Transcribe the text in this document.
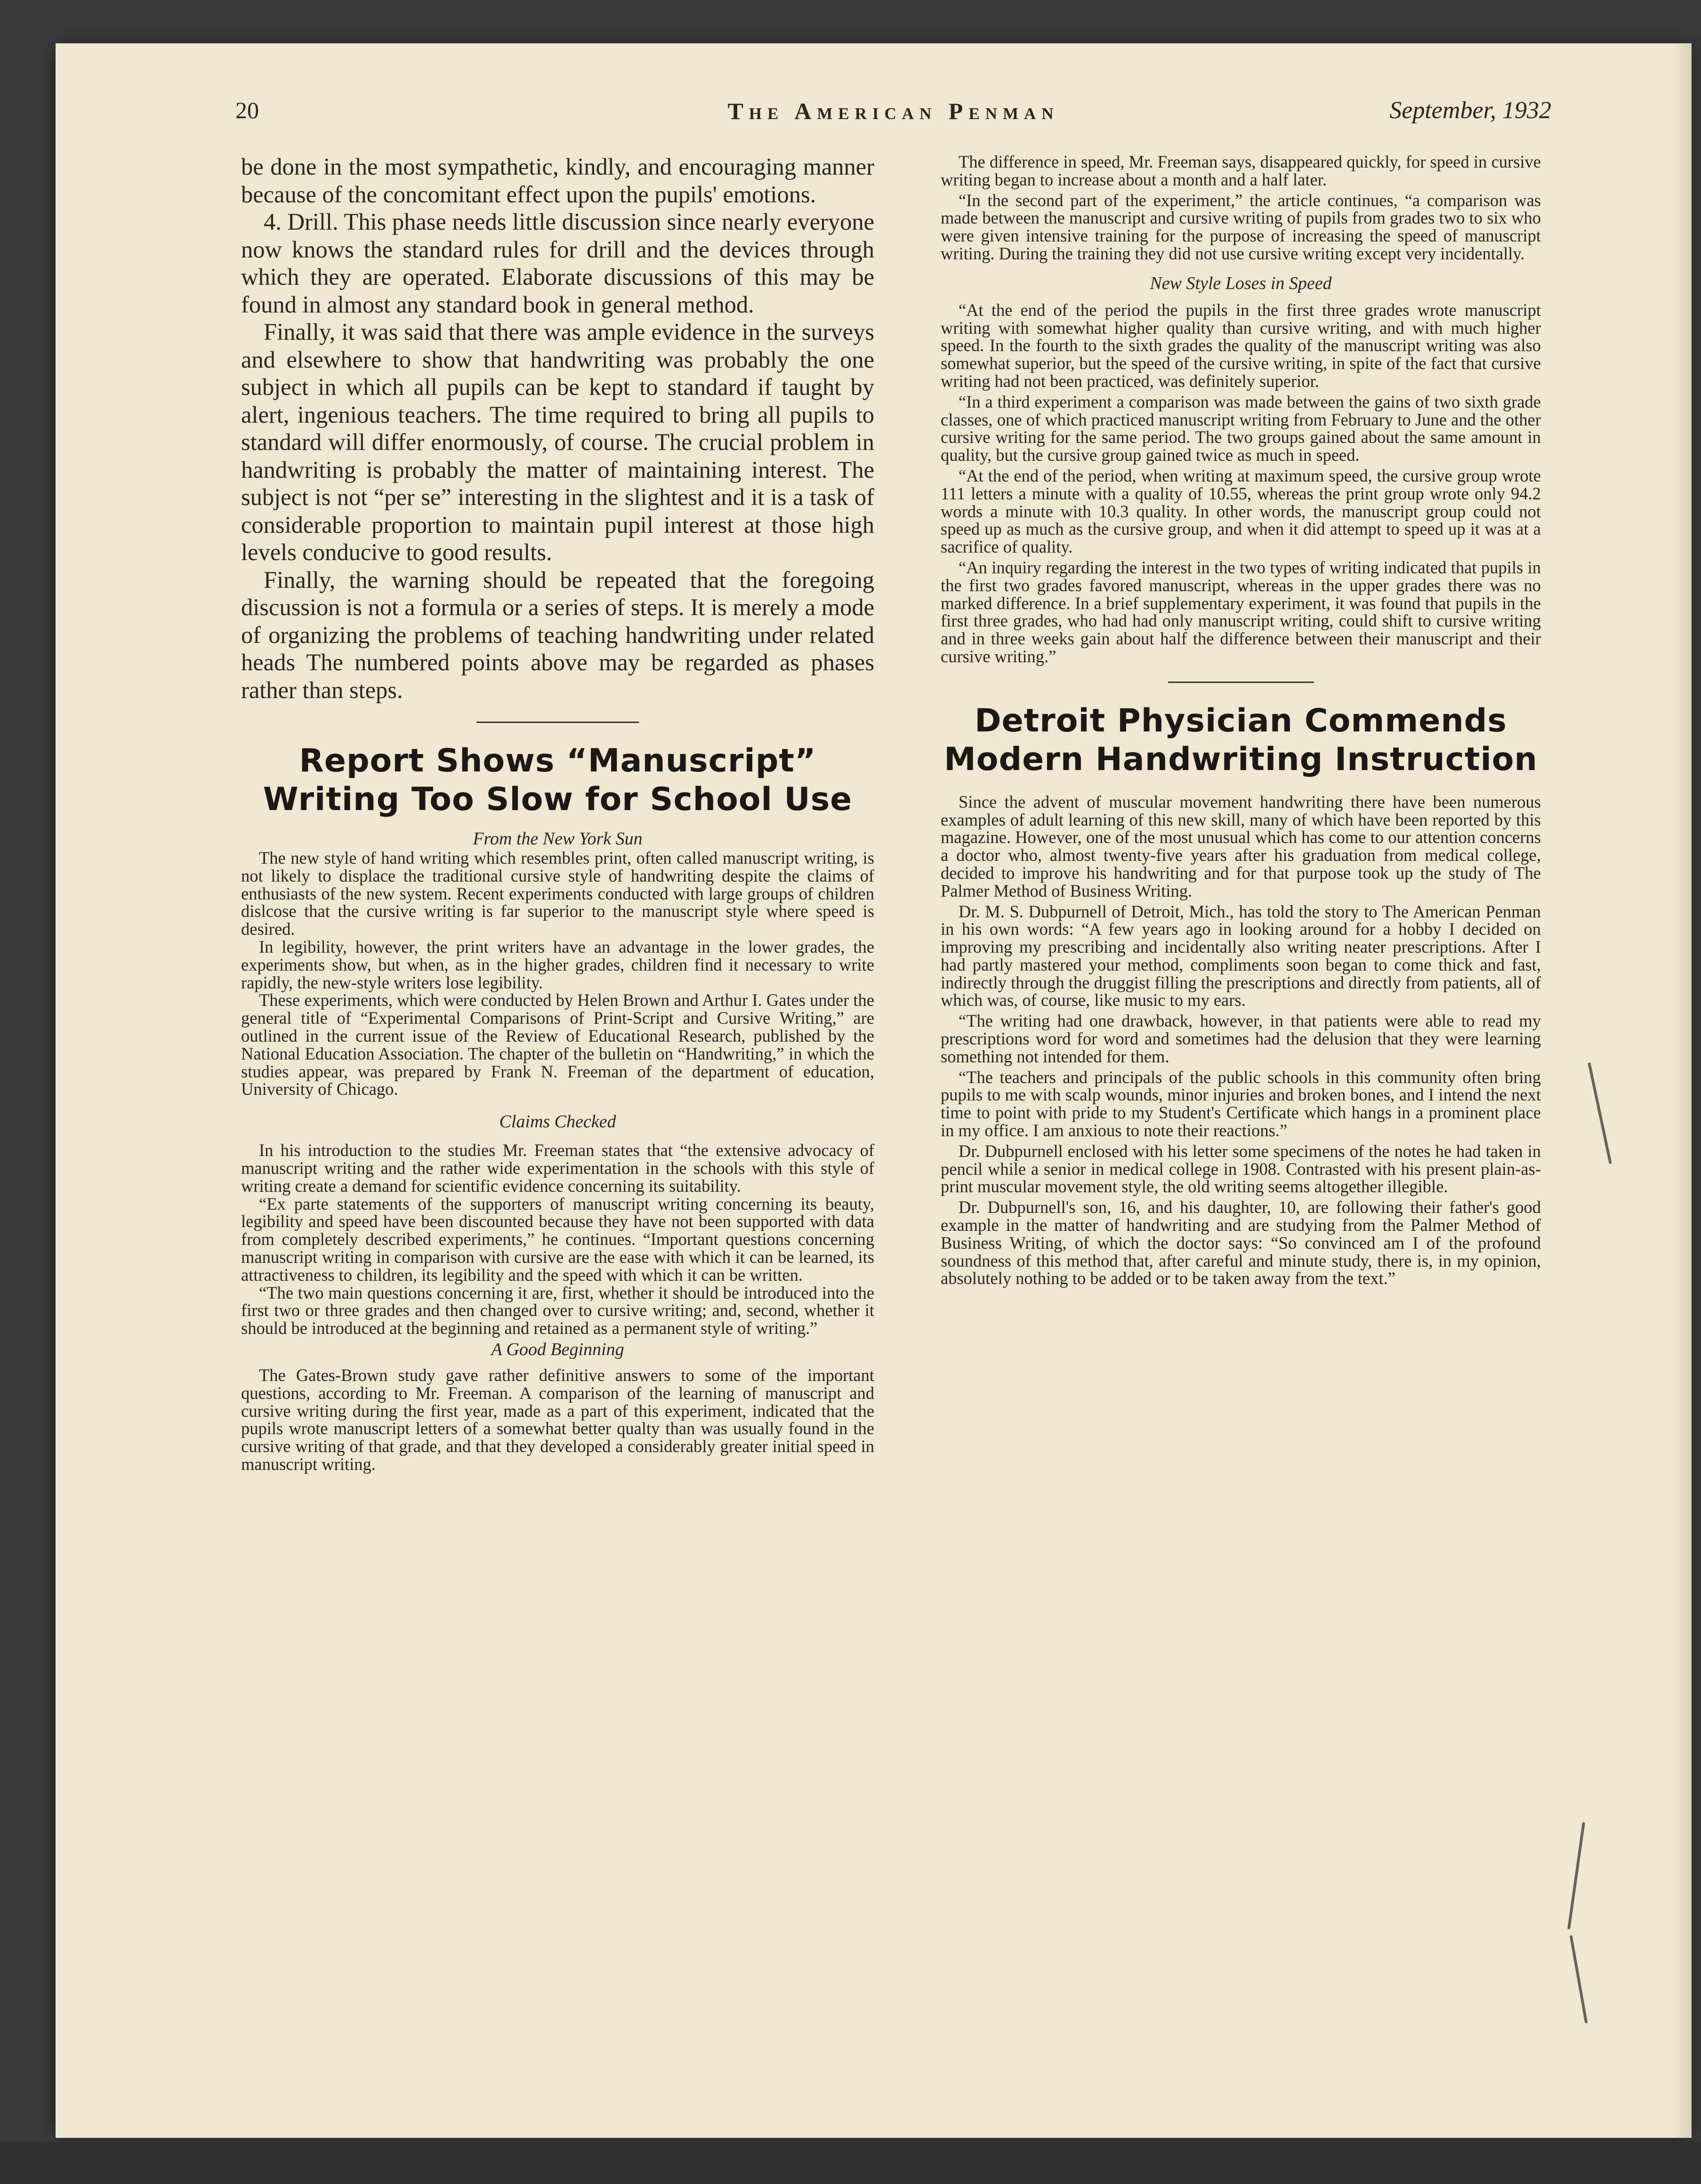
20	The American Penman	September, 1932

be done in the most sympathetic, kindly, and encouraging manner because of the concomitant effect upon the pupils' emotions.

4. Drill. This phase needs little discussion since nearly everyone now knows the standard rules for drill and the devices through which they are operated. Elaborate discussions of this may be found in almost any standard book in general method.

Finally, it was said that there was ample evidence in the surveys and elsewhere to show that handwriting was probably the one subject in which all pupils can be kept to standard if taught by alert, ingenious teachers. The time required to bring all pupils to standard will differ enormously, of course. The crucial problem in handwriting is probably the matter of maintaining interest. The subject is not “per se” interesting in the slightest and it is a task of considerable proportion to maintain pupil interest at those high levels conducive to good results.

Finally, the warning should be repeated that the foregoing discussion is not a formula or a series of steps. It is merely a mode of organizing the problems of teaching handwriting under related heads The numbered points above may be regarded as phases rather than steps.

Report Shows “Manuscript”
Writing Too Slow for School Use
From the New York Sun

The new style of hand writing which resembles print, often called manuscript writing, is not likely to displace the traditional cursive style of handwriting despite the claims of enthusiasts of the new system. Recent experiments conducted with large groups of children dislcose that the cursive writing is far superior to the manuscript style where speed is desired.

In legibility, however, the print writers have an advantage in the lower grades, the experiments show, but when, as in the higher grades, children find it necessary to write rapidly, the new-style writers lose legibility.

These experiments, which were conducted by Helen Brown and Arthur I. Gates under the general title of “Experimental Comparisons of Print-Script and Cursive Writing,” are outlined in the current issue of the Review of Educational Research, published by the National Education Association. The chapter of the bulletin on “Handwriting,” in which the studies appear, was prepared by Frank N. Freeman of the department of education, University of Chicago.

Claims Checked

In his introduction to the studies Mr. Freeman states that “the extensive advocacy of manuscript writing and the rather wide experimentation in the schools with this style of writing create a demand for scientific evidence concerning its suitability.

“Ex parte statements of the supporters of manuscript writing concerning its beauty, legibility and speed have been discounted because they have not been supported with data from completely described experiments,” he continues. “Important questions concerning manuscript writing in comparison with cursive are the ease with which it can be learned, its attractiveness to children, its legibility and the speed with which it can be written.

“The two main questions concerning it are, first, whether it should be introduced into the first two or three grades and then changed over to cursive writing; and, second, whether it should be introduced at the beginning and retained as a permanent style of writing.”

A Good Beginning

The Gates-Brown study gave rather definitive answers to some of the important questions, according to Mr. Freeman. A comparison of the learning of manuscript and cursive writing during the first year, made as a part of this experiment, indicated that the pupils wrote manuscript letters of a somewhat better qualty than was usually found in the cursive writing of that grade, and that they developed a considerably greater initial speed in manuscript writing.

The difference in speed, Mr. Freeman says, disappeared quickly, for speed in cursive writing began to increase about a month and a half later.

“In the second part of the experiment,” the article continues, “a comparison was made between the manuscript and cursive writing of pupils from grades two to six who were given intensive training for the purpose of increasing the speed of manuscript writing. During the training they did not use cursive writing except very incidentally.

New Style Loses in Speed

“At the end of the period the pupils in the first three grades wrote manuscript writing with somewhat higher quality than cursive writing, and with much higher speed. In the fourth to the sixth grades the quality of the manuscript writing was also somewhat superior, but the speed of the cursive writing, in spite of the fact that cursive writing had not been practiced, was definitely superior.

“In a third experiment a comparison was made between the gains of two sixth grade classes, one of which practiced manuscript writing from February to June and the other cursive writing for the same period. The two groups gained about the same amount in quality, but the cursive group gained twice as much in speed.

“At the end of the period, when writing at maximum speed, the cursive group wrote 111 letters a minute with a quality of 10.55, whereas the print group wrote only 94.2 words a minute with 10.3 quality. In other words, the manuscript group could not speed up as much as the cursive group, and when it did attempt to speed up it was at a sacrifice of quality.

“An inquiry regarding the interest in the two types of writing indicated that pupils in the first two grades favored manuscript, whereas in the upper grades there was no marked difference. In a brief supplementary experiment, it was found that pupils in the first three grades, who had had only manuscript writing, could shift to cursive writing and in three weeks gain about half the difference between their manuscript and their cursive writing.”

Detroit Physician Commends
Modern Handwriting Instruction

Since the advent of muscular movement handwriting there have been numerous examples of adult learning of this new skill, many of which have been reported by this magazine. However, one of the most unusual which has come to our attention concerns a doctor who, almost twenty-five years after his graduation from medical college, decided to improve his handwriting and for that purpose took up the study of The Palmer Method of Business Writing.

Dr. M. S. Dubpurnell of Detroit, Mich., has told the story to The American Penman in his own words: “A few years ago in looking around for a hobby I decided on improving my prescribing and incidentally also writing neater prescriptions. After I had partly mastered your method, compliments soon began to come thick and fast, indirectly through the druggist filling the prescriptions and directly from patients, all of which was, of course, like music to my ears.

“The writing had one drawback, however, in that patients were able to read my prescriptions word for word and sometimes had the delusion that they were learning something not intended for them.

“The teachers and principals of the public schools in this community often bring pupils to me with scalp wounds, minor injuries and broken bones, and I intend the next time to point with pride to my Student's Certificate which hangs in a prominent place in my office. I am anxious to note their reactions.”

Dr. Dubpurnell enclosed with his letter some specimens of the notes he had taken in pencil while a senior in medical college in 1908. Contrasted with his present plain-as-print muscular movement style, the old writing seems altogether illegible.

Dr. Dubpurnell's son, 16, and his daughter, 10, are following their father's good example in the matter of handwriting and are studying from the Palmer Method of Business Writing, of which the doctor says: “So convinced am I of the profound soundness of this method that, after careful and minute study, there is, in my opinion, absolutely nothing to be added or to be taken away from the text.”
